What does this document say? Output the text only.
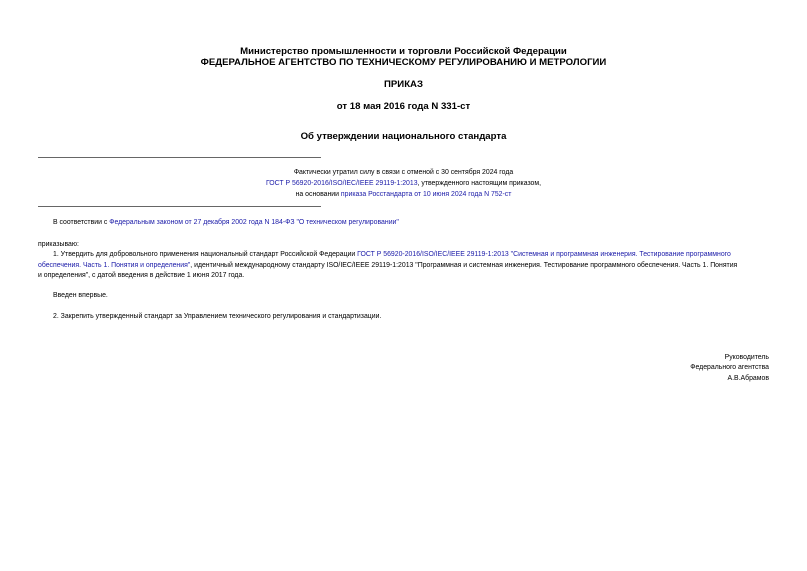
Министерство промышленности и торговли Российской Федерации
ФЕДЕРАЛЬНОЕ АГЕНТСТВО ПО ТЕХНИЧЕСКОМУ РЕГУЛИРОВАНИЮ И МЕТРОЛОГИИ
ПРИКАЗ
от 18 мая 2016 года N 331-ст
Об утверждении национального стандарта
Фактически утратил силу в связи с отменой с 30 сентября 2024 года
ГОСТ Р 56920-2016/ISO/IEC/IEEE 29119-1:2013, утвержденного настоящим приказом,
на основании приказа Росстандарта от 10 июня 2024 года N 752-ст
В соответствии с Федеральным законом от 27 декабря 2002 года N 184-ФЗ "О техническом регулировании"
приказываю:
1. Утвердить для добровольного применения национальный стандарт Российской Федерации ГОСТ Р 56920-2016/ISO/IEC/IEEE 29119-1:2013 "Системная и программная инженерия. Тестирование программного
обеспечения. Часть 1. Понятия и определения", идентичный международному стандарту ISO/IEC/IEEE 29119-1:2013 "Программная и системная инженерия. Тестирование программного обеспечения. Часть 1. Понятия
и определения", с датой введения в действие 1 июня 2017 года.
Введен впервые.
2. Закрепить утвержденный стандарт за Управлением технического регулирования и стандартизации.
Руководитель
Федерального агентства
А.В.Абрамов
